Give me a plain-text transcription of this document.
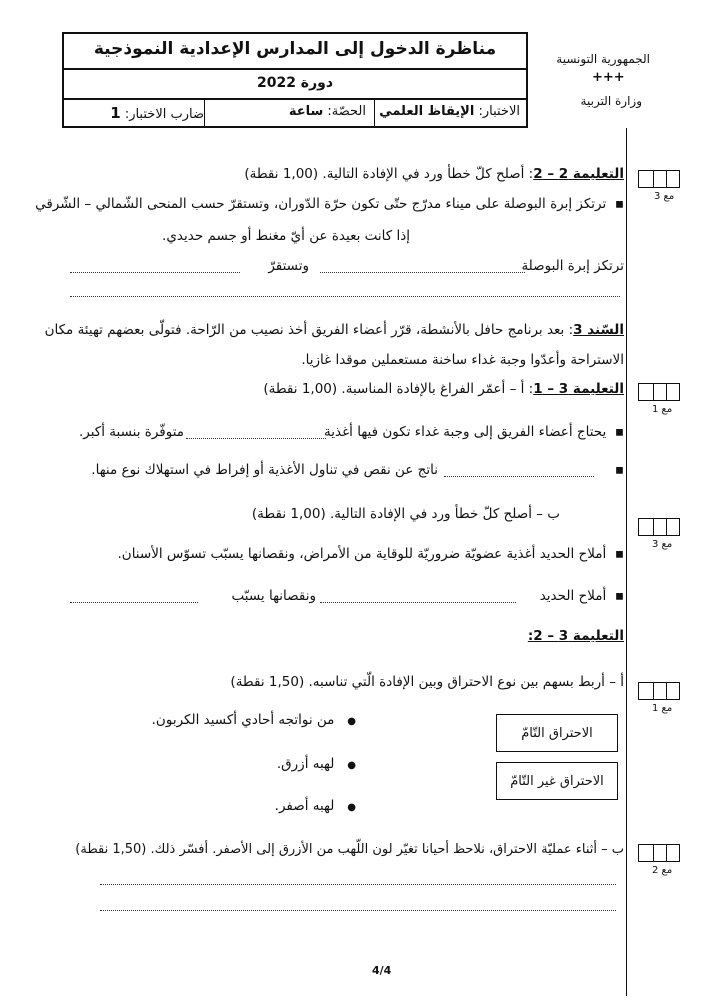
مناظرة الدخول إلى المدارس الإعدادية النموذجية
دورة 2022
الاختبار: الإيقاظ العلمي
الحصّة: ساعة
ضارب الاختبار: 1
الجمهورية التونسية
+++
وزارة التربية
مع 3
مع 1
مع 3
مع 1
مع 2
التعليمة 2 – 2: أصلح كلّ خطأ ورد في الإفادة التالية. (1,00 نقطة)
▪  ترتكز إبرة البوصلة على ميناء مدرّج حتّى تكون حرّة الدّوران، وتستقرّ حسب المنحى الشّمالي – الشّرقي
إذا كانت بعيدة عن أيّ مغنط أو جسم حديدي.
ترتكز إبرة البوصلة
وتستقرّ
السّند 3: بعد برنامج حافل بالأنشطة، قرّر أعضاء الفريق أخذ نصيب من الرّاحة. فتولّى بعضهم تهيئة مكان
الاستراحة وأعدّوا وجبة غداء ساخنة مستعملين موقدا غازيا.
التعليمة 3 – 1: أ – أعمّر الفراغ بالإفادة المناسبة. (1,00 نقطة)
▪  يحتاج أعضاء الفريق إلى وجبة غداء تكون فيها أغذية
متوفّرة بنسبة أكبر.
▪
ناتج عن نقص في تناول الأغذية أو إفراط في استهلاك نوع منها.
ب – أصلح كلّ خطأ ورد في الإفادة التالية. (1,00 نقطة)
▪  أملاح الحديد أغذية عضويّة ضروريّة للوقاية من الأمراض، ونقصانها يسبّب تسوّس الأسنان.
▪  أملاح الحديد
ونقصانها يسبّب
التعليمة 3 – 2:
أ – أربط بسهم بين نوع الاحتراق وبين الإفادة الّتي تناسبه. (1,50 نقطة)
الاحتراق التّامّ
الاحتراق غير التّامّ
●   من نواتجه أحادي أكسيد الكربون.
●   لهبه أزرق.
●   لهبه أصفر.
ب – أثناء عمليّة الاحتراق، نلاحظ أحيانا تغيّر لون اللّهب من الأزرق إلى الأصفر. أفسّر ذلك. (1,50 نقطة)
4/4
